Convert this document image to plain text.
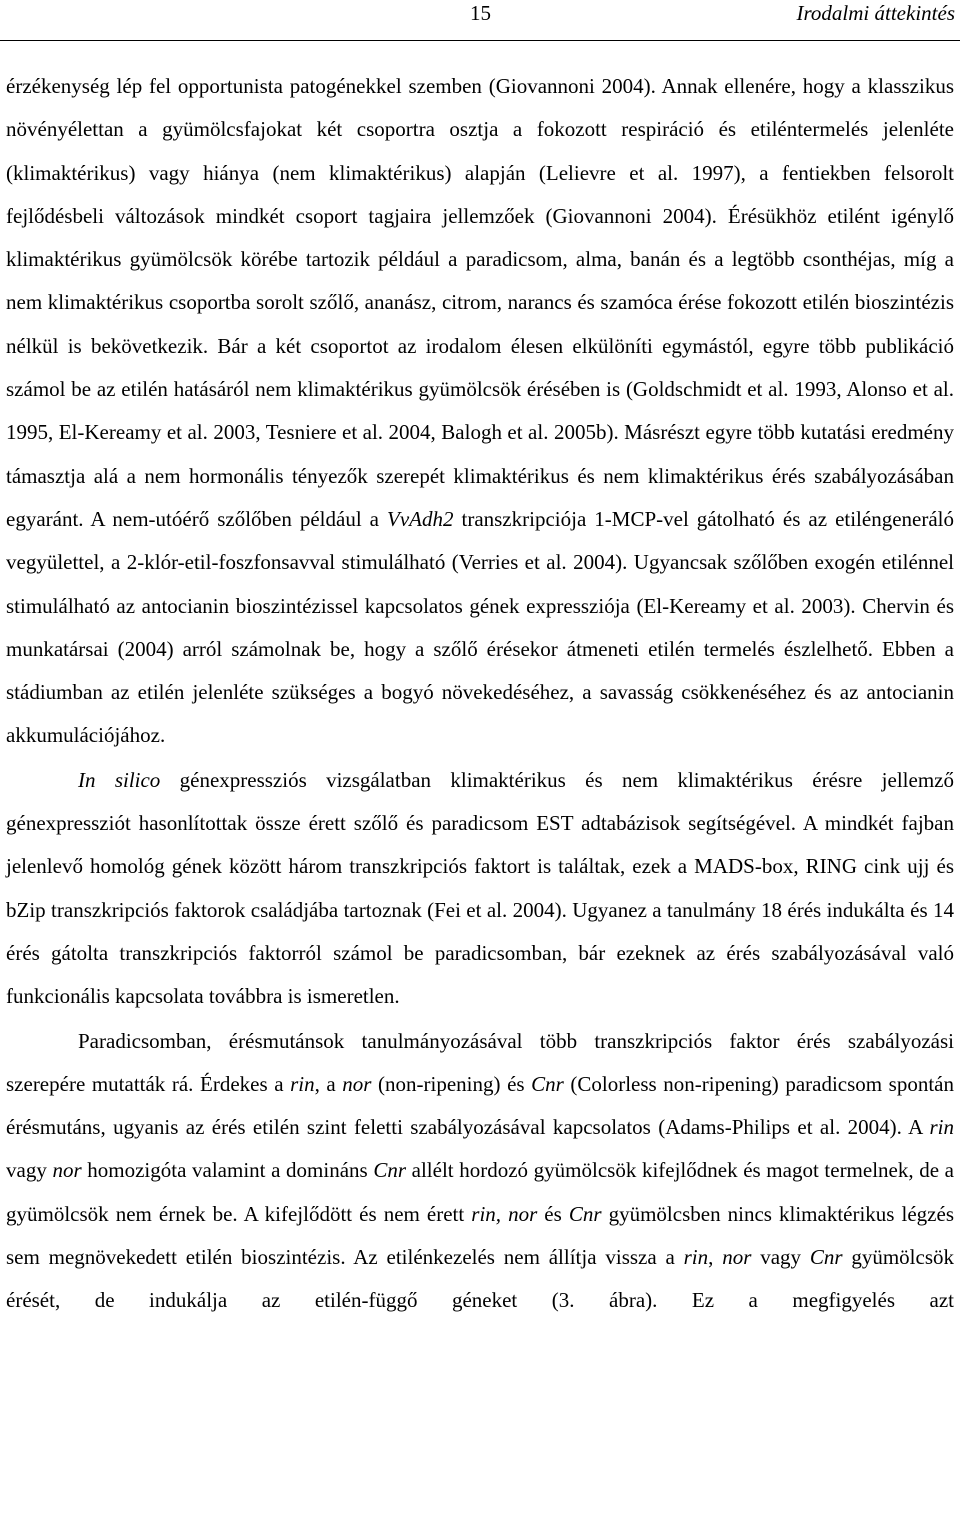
15	Irodalmi áttekintés

érzékenység lép fel opportunista patogénekkel szemben (Giovannoni 2004). Annak ellenére, hogy a klasszikus növényélettan a gyümölcsfajokat két csoportra osztja a fokozott respiráció és etiléntermelés jelenléte (klimaktérikus) vagy hiánya (nem klimaktérikus) alapján (Lelievre et al. 1997), a fentiekben felsorolt fejlődésbeli változások mindkét csoport tagjaira jellemzőek (Giovannoni 2004). Érésükhöz etilént igénylő klimaktérikus gyümölcsök körébe tartozik például a paradicsom, alma, banán és a legtöbb csonthéjas, míg a nem klimaktérikus csoportba sorolt szőlő, ananász, citrom, narancs és szamóca érése fokozott etilén bioszintézis nélkül is bekövetkezik. Bár a két csoportot az irodalom élesen elkülöníti egymástól, egyre több publikáció számol be az etilén hatásáról nem klimaktérikus gyümölcsök érésében is (Goldschmidt et al. 1993, Alonso et al. 1995, El-Kereamy et al. 2003, Tesniere et al. 2004, Balogh et al. 2005b). Másrészt egyre több kutatási eredmény támasztja alá a nem hormonális tényezők szerepét klimaktérikus és nem klimaktérikus érés szabályozásában egyaránt. A nem-utóérő szőlőben például a VvAdh2 transzkripciója 1-MCP-vel gátolható és az etiléngeneráló vegyülettel, a 2-klór-etil-foszfonsavval stimulálható (Verries et al. 2004). Ugyancsak szőlőben exogén etilénnel stimulálható az antocianin bioszintézissel kapcsolatos gének expressziója (El-Kereamy et al. 2003). Chervin és munkatársai (2004) arról számolnak be, hogy a szőlő érésekor átmeneti etilén termelés észlelhető. Ebben a stádiumban az etilén jelenléte szükséges a bogyó növekedéséhez, a savasság csökkenéséhez és az antocianin akkumulációjához.

In silico génexpressziós vizsgálatban klimaktérikus és nem klimaktérikus érésre jellemző génexpressziót hasonlítottak össze érett szőlő és paradicsom EST adtabázisok segítségével. A mindkét fajban jelenlevő homológ gének között három transzkripciós faktort is találtak, ezek a MADS-box, RING cink ujj és bZip transzkripciós faktorok családjába tartoznak (Fei et al. 2004). Ugyanez a tanulmány 18 érés indukálta és 14 érés gátolta transzkripciós faktorról számol be paradicsomban, bár ezeknek az érés szabályozásával való funkcionális kapcsolata továbbra is ismeretlen.

Paradicsomban, érésmutánsok tanulmányozásával több transzkripciós faktor érés szabályozási szerepére mutatták rá. Érdekes a rin, a nor (non-ripening) és Cnr (Colorless non-ripening) paradicsom spontán érésmutáns, ugyanis az érés etilén szint feletti szabályozásával kapcsolatos (Adams-Philips et al. 2004). A rin vagy nor homozigóta valamint a domináns Cnr allélt hordozó gyümölcsök kifejlődnek és magot termelnek, de a gyümölcsök nem érnek be. A kifejlődött és nem érett rin, nor és Cnr gyümölcsben nincs klimaktérikus légzés sem megnövekedett etilén bioszintézis. Az etilénkezelés nem állítja vissza a rin, nor vagy Cnr gyümölcsök érését, de indukálja az etilén-függő géneket (3. ábra). Ez a megfigyelés azt
